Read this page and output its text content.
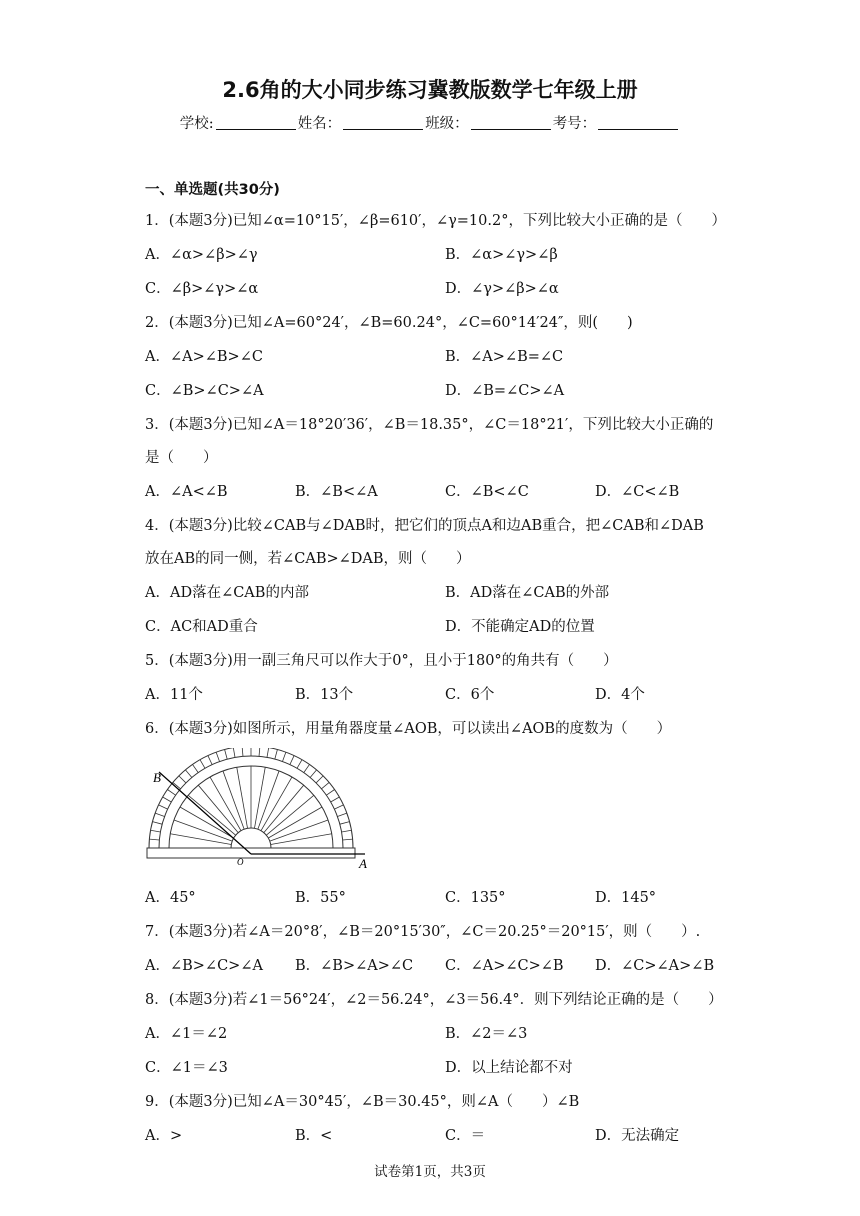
2.6角的大小同步练习冀教版数学七年级上册
学校:	姓名：	班级：	考号：
一、单选题(共30分)
1．(本题3分)已知∠α=10°15′，∠β=610′，∠γ=10.2°，下列比较大小正确的是（　　）
A．∠α>∠β>∠γ	B．∠α>∠γ>∠β
C．∠β>∠γ>∠α	D．∠γ>∠β>∠α
2．(本题3分)已知∠A=60°24′，∠B=60.24°，∠C=60°14′24″，则(　　)
A．∠A>∠B>∠C	B．∠A>∠B=∠C
C．∠B>∠C>∠A	D．∠B=∠C>∠A
3．(本题3分)已知∠A＝18°20′36′，∠B＝18.35°，∠C＝18°21′，下列比较大小正确的
是（　　）
A．∠A<∠B	B．∠B<∠A	C．∠B<∠C	D．∠C<∠B
4．(本题3分)比较∠CAB与∠DAB时，把它们的顶点A和边AB重合，把∠CAB和∠DAB
放在AB的同一侧，若∠CAB>∠DAB，则（　　）
A．AD落在∠CAB的内部	B．AD落在∠CAB的外部
C．AC和AD重合	D．不能确定AD的位置
5．(本题3分)用一副三角尺可以作大于0°，且小于180°的角共有（　　）
A．11个	B．13个	C．6个	D．4个
6．(本题3分)如图所示，用量角器度量∠AOB，可以读出∠AOB的度数为（　　）
B
O	A
A．45°	B．55°	C．135°	D．145°
7．(本题3分)若∠A＝20°8′，∠B＝20°15′30″，∠C＝20.25°＝20°15′，则（　　）.
A．∠B>∠C>∠A B．∠B>∠A>∠C C．∠A>∠C>∠B D．∠C>∠A>∠B
8．(本题3分)若∠1＝56°24′，∠2＝56.24°，∠3＝56.4°．则下列结论正确的是（　　）
A．∠1＝∠2	B．∠2＝∠3
C．∠1＝∠3	D．以上结论都不对
9．(本题3分)已知∠A＝30°45′，∠B＝30.45°，则∠A（　　）∠B
A．>	B．<	C．＝	D．无法确定
试卷第1页，共3页
